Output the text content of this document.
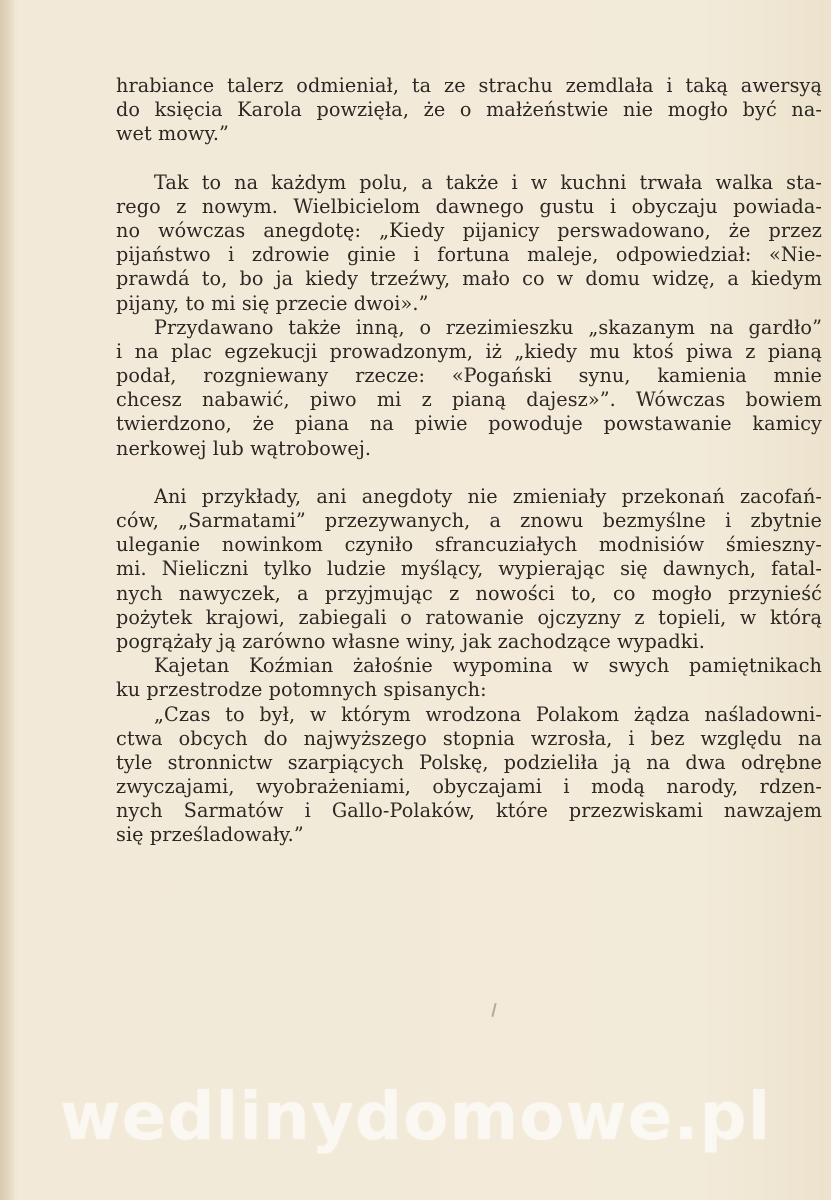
hrabiance talerz odmieniał, ta ze strachu zemdlała i taką awersyą
do księcia Karola powzięła, że o małżeństwie nie mogło być na-
wet mowy.”
Tak to na każdym polu, a także i w kuchni trwała walka sta-
rego z nowym. Wielbicielom dawnego gustu i obyczaju powiada-
no wówczas anegdotę: „Kiedy pijanicy perswadowano, że przez
pijaństwo i zdrowie ginie i fortuna maleje, odpowiedział: «Nie-
prawdá to, bo ja kiedy trzeźwy, mało co w domu widzę, a kiedym
pijany, to mi się przecie dwoi».”
Przydawano także inną, o rzezimieszku „skazanym na gardło”
i na plac egzekucji prowadzonym, iż „kiedy mu ktoś piwa z pianą
podał, rozgniewany rzecze: «Pogański synu, kamienia mnie
chcesz nabawić, piwo mi z pianą dajesz»”. Wówczas bowiem
twierdzono, że piana na piwie powoduje powstawanie kamicy
nerkowej lub wątrobowej.
Ani przykłady, ani anegdoty nie zmieniały przekonań zacofań-
ców, „Sarmatami” przezywanych, a znowu bezmyślne i zbytnie
uleganie nowinkom czyniło sfrancuziałych modnisiów śmieszny-
mi. Nieliczni tylko ludzie myślący, wypierając się dawnych, fatal-
nych nawyczek, a przyjmując z nowości to, co mogło przynieść
pożytek krajowi, zabiegali o ratowanie ojczyzny z topieli, w którą
pogrążały ją zarówno własne winy, jak zachodzące wypadki.
Kajetan Koźmian żałośnie wypomina w swych pamiętnikach
ku przestrodze potomnych spisanych:
„Czas to był, w którym wrodzona Polakom żądza naśladowni-
ctwa obcych do najwyższego stopnia wzrosła, i bez względu na
tyle stronnictw szarpiących Polskę, podzieliła ją na dwa odrębne
zwyczajami, wyobrażeniami, obyczajami i modą narody, rdzen-
nych Sarmatów i Gallo-Polaków, które przezwiskami nawzajem
się prześladowały.”
wedlinydomowe.pl
